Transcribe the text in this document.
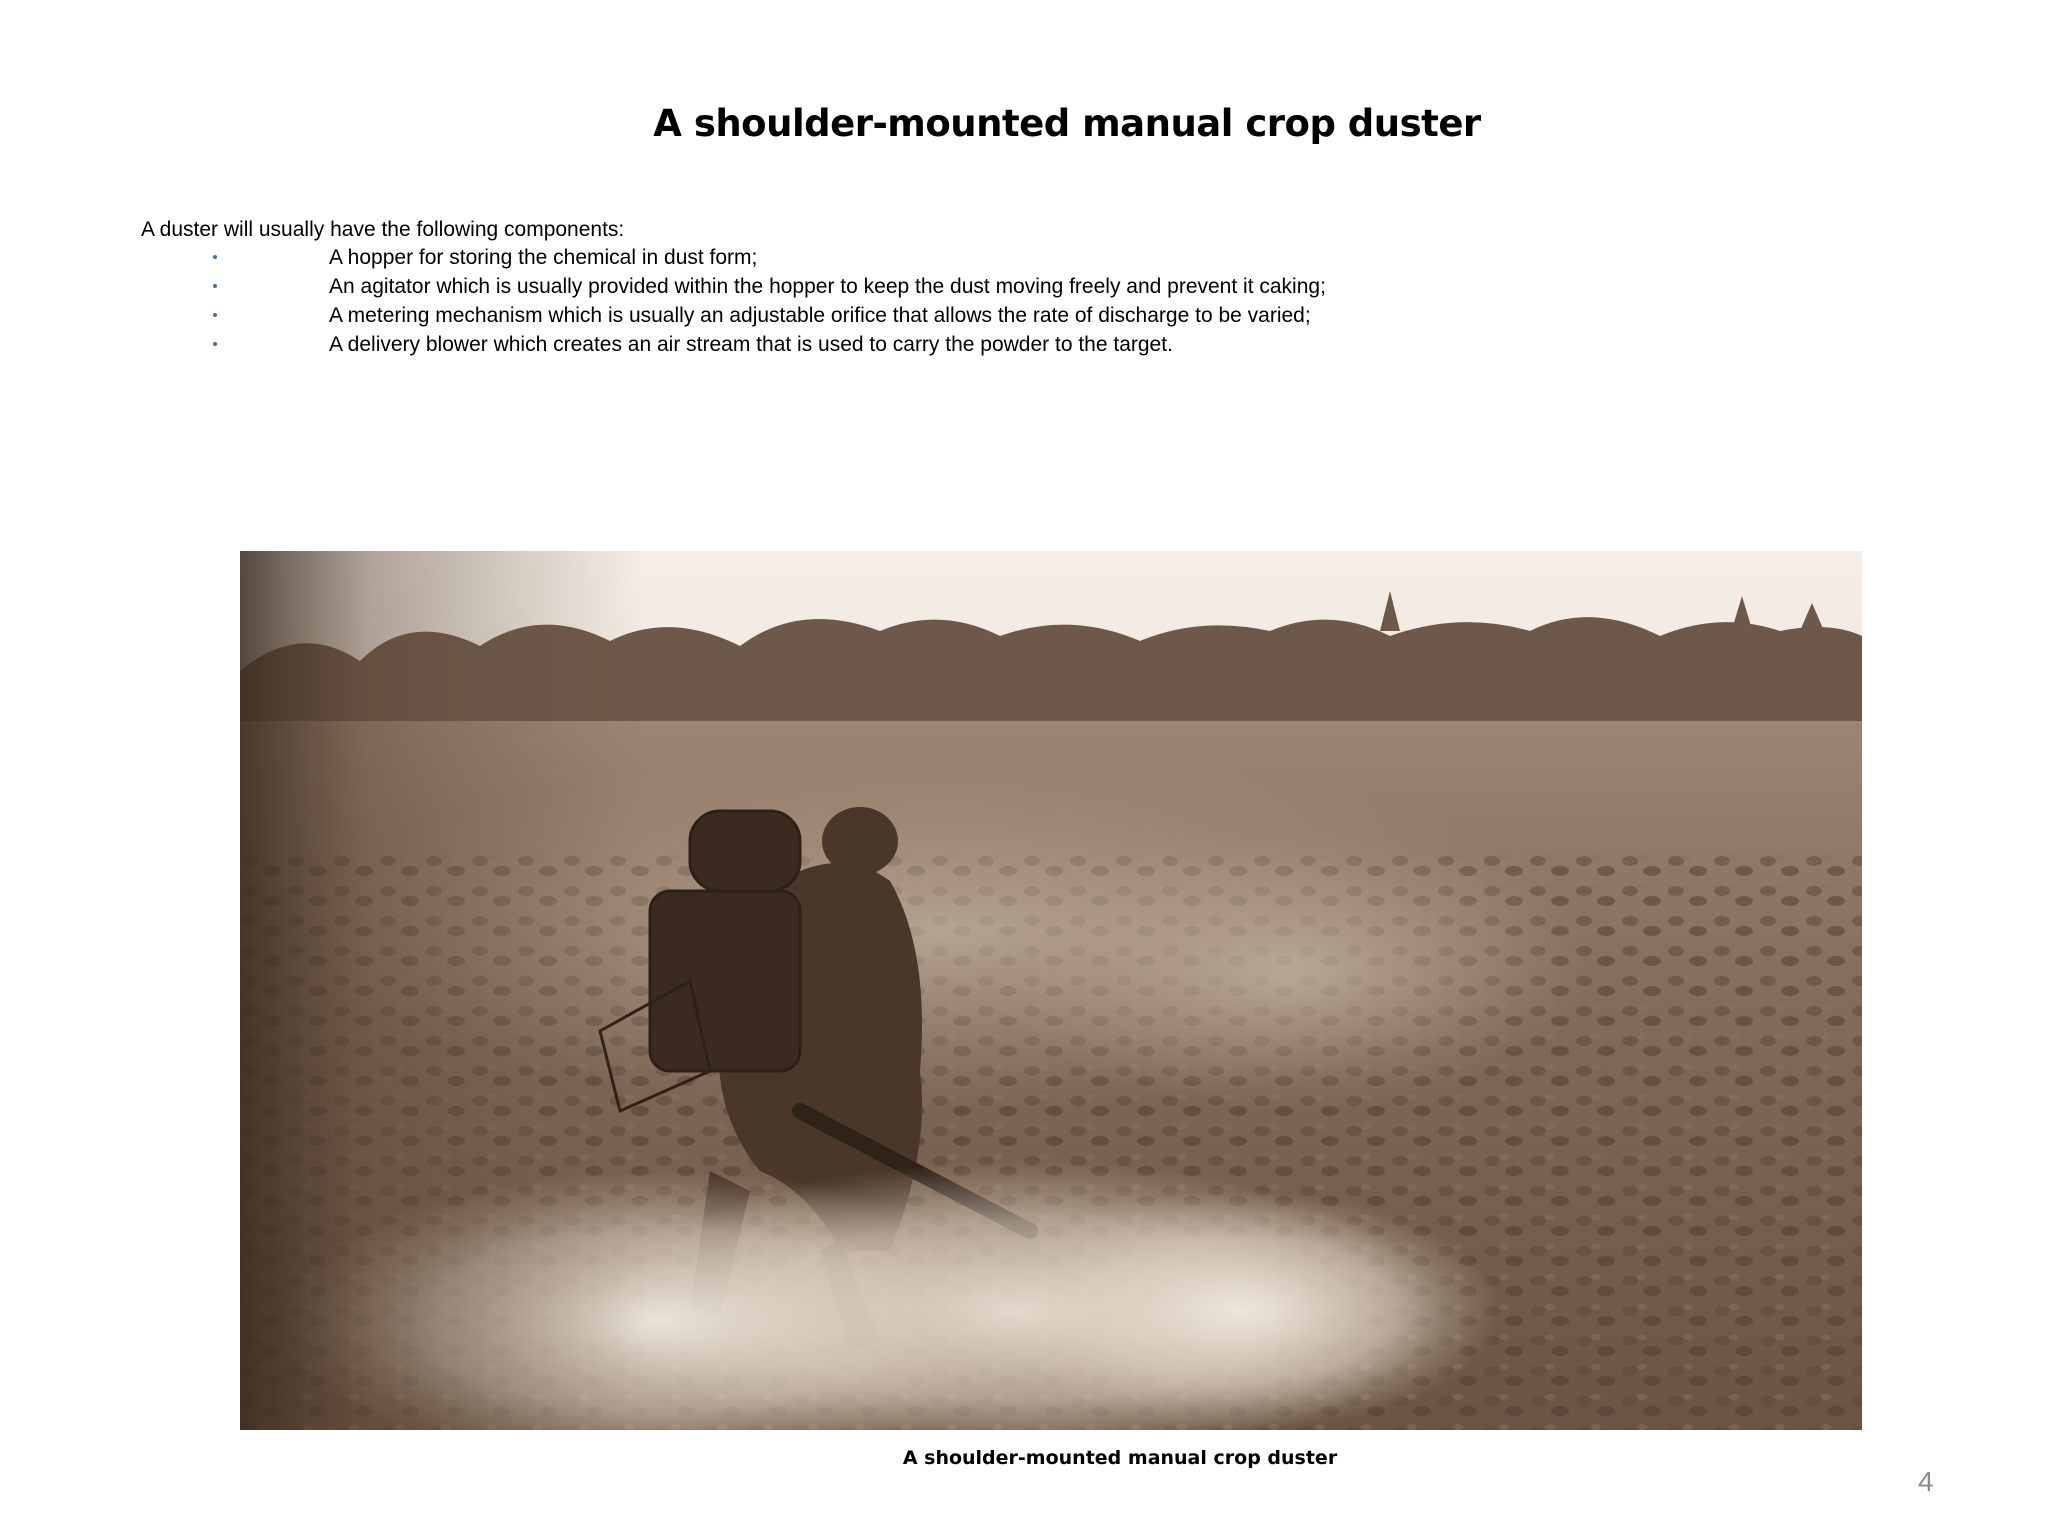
A shoulder-mounted manual crop duster

A duster will usually have the following components:

A hopper for storing the chemical in dust form;
An agitator which is usually provided within the hopper to keep the dust moving freely and prevent it caking;
A metering mechanism which is usually an adjustable orifice that allows the rate of discharge to be varied;
A delivery blower which creates an air stream that is used to carry the powder to the target.
A shoulder-mounted manual crop duster
4
